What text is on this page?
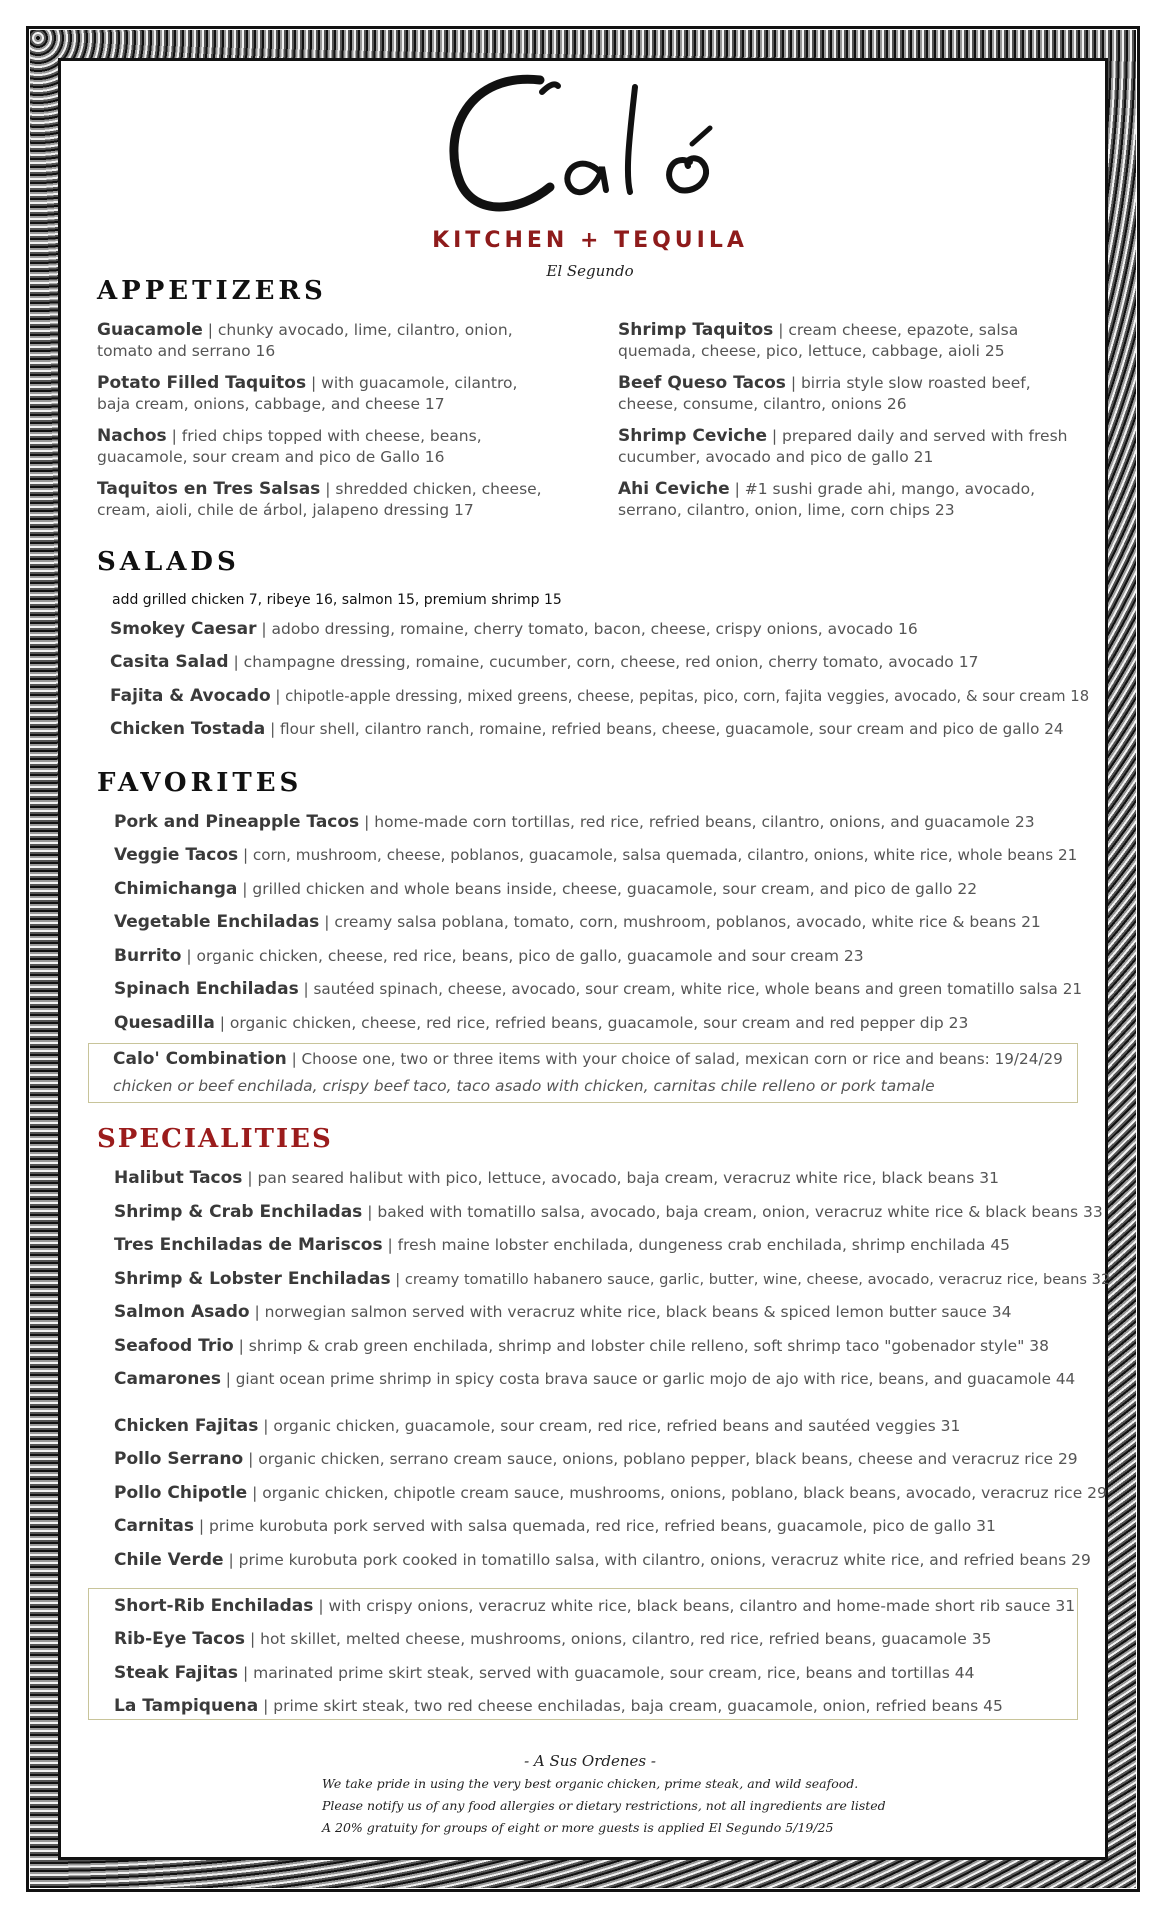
Caló
KITCHEN + TEQUILA
El Segundo
APPETIZERS
Guacamole | chunky avocado, lime, cilantro, onion, tomato and serrano 16
Potato Filled Taquitos | with guacamole, cilantro, baja cream, onions, cabbage, and cheese 17
Nachos | fried chips topped with cheese, beans, guacamole, sour cream and pico de Gallo 16
Taquitos en Tres Salsas | shredded chicken, cheese, cream, aioli, chile de árbol, jalapeno dressing 17
Shrimp Taquitos | cream cheese, epazote, salsa quemada, cheese, pico, lettuce, cabbage, aioli 25
Beef Queso Tacos | birria style slow roasted beef, cheese, consume, cilantro, onions 26
Shrimp Ceviche | prepared daily and served with fresh cucumber, avocado and pico de gallo 21
Ahi Ceviche | #1 sushi grade ahi, mango, avocado, serrano, cilantro, onion, lime, corn chips 23
SALADS
add grilled chicken 7, ribeye 16, salmon 15, premium shrimp 15
Smokey Caesar | adobo dressing, romaine, cherry tomato, bacon, cheese, crispy onions, avocado 16
Casita Salad | champagne dressing, romaine, cucumber, corn, cheese, red onion, cherry tomato, avocado 17
Fajita & Avocado | chipotle-apple dressing, mixed greens, cheese, pepitas, pico, corn, fajita veggies, avocado, & sour cream 18
Chicken Tostada | flour shell, cilantro ranch, romaine, refried beans, cheese, guacamole, sour cream and pico de gallo 24
FAVORITES
Pork and Pineapple Tacos | home-made corn tortillas, red rice, refried beans, cilantro, onions, and guacamole 23
Veggie Tacos | corn, mushroom, cheese, poblanos, guacamole, salsa quemada, cilantro, onions, white rice, whole beans 21
Chimichanga | grilled chicken and whole beans inside, cheese, guacamole, sour cream, and pico de gallo 22
Vegetable Enchiladas | creamy salsa poblana, tomato, corn, mushroom, poblanos, avocado, white rice & beans 21
Burrito | organic chicken, cheese, red rice, beans, pico de gallo, guacamole and sour cream 23
Spinach Enchiladas | sautéed spinach, cheese, avocado, sour cream, white rice, whole beans and green tomatillo salsa 21
Quesadilla | organic chicken, cheese, red rice, refried beans, guacamole, sour cream and red pepper dip 23
Calo' Combination | Choose one, two or three items with your choice of salad, mexican corn or rice and beans: 19/24/29
chicken or beef enchilada, crispy beef taco, taco asado with chicken, carnitas chile relleno or pork tamale
SPECIALITIES
Halibut Tacos | pan seared halibut with pico, lettuce, avocado, baja cream, veracruz white rice, black beans 31
Shrimp & Crab Enchiladas | baked with tomatillo salsa, avocado, baja cream, onion, veracruz white rice & black beans 33
Tres Enchiladas de Mariscos | fresh maine lobster enchilada, dungeness crab enchilada, shrimp enchilada 45
Shrimp & Lobster Enchiladas | creamy tomatillo habanero sauce, garlic, butter, wine, cheese, avocado, veracruz rice, beans 32
Salmon Asado | norwegian salmon served with veracruz white rice, black beans & spiced lemon butter sauce 34
Seafood Trio | shrimp & crab green enchilada, shrimp and lobster chile relleno, soft shrimp taco "gobenador style" 38
Camarones | giant ocean prime shrimp in spicy costa brava sauce or garlic mojo de ajo with rice, beans, and guacamole 44
Chicken Fajitas | organic chicken, guacamole, sour cream, red rice, refried beans and sautéed veggies 31
Pollo Serrano | organic chicken, serrano cream sauce, onions, poblano pepper, black beans, cheese and veracruz rice 29
Pollo Chipotle | organic chicken, chipotle cream sauce, mushrooms, onions, poblano, black beans, avocado, veracruz rice 29
Carnitas | prime kurobuta pork served with salsa quemada, red rice, refried beans, guacamole, pico de gallo 31
Chile Verde | prime kurobuta pork cooked in tomatillo salsa, with cilantro, onions, veracruz white rice, and refried beans 29
Short-Rib Enchiladas | with crispy onions, veracruz white rice, black beans, cilantro and home-made short rib sauce 31
Rib-Eye Tacos | hot skillet, melted cheese, mushrooms, onions, cilantro, red rice, refried beans, guacamole 35
Steak Fajitas | marinated prime skirt steak, served with guacamole, sour cream, rice, beans and tortillas 44
La Tampiquena | prime skirt steak, two red cheese enchiladas, baja cream, guacamole, onion, refried beans 45
- A Sus Ordenes -
We take pride in using the very best organic chicken, prime steak, and wild seafood.
Please notify us of any food allergies or dietary restrictions, not all ingredients are listed
A 20% gratuity for groups of eight or more guests is applied El Segundo 5/19/25
